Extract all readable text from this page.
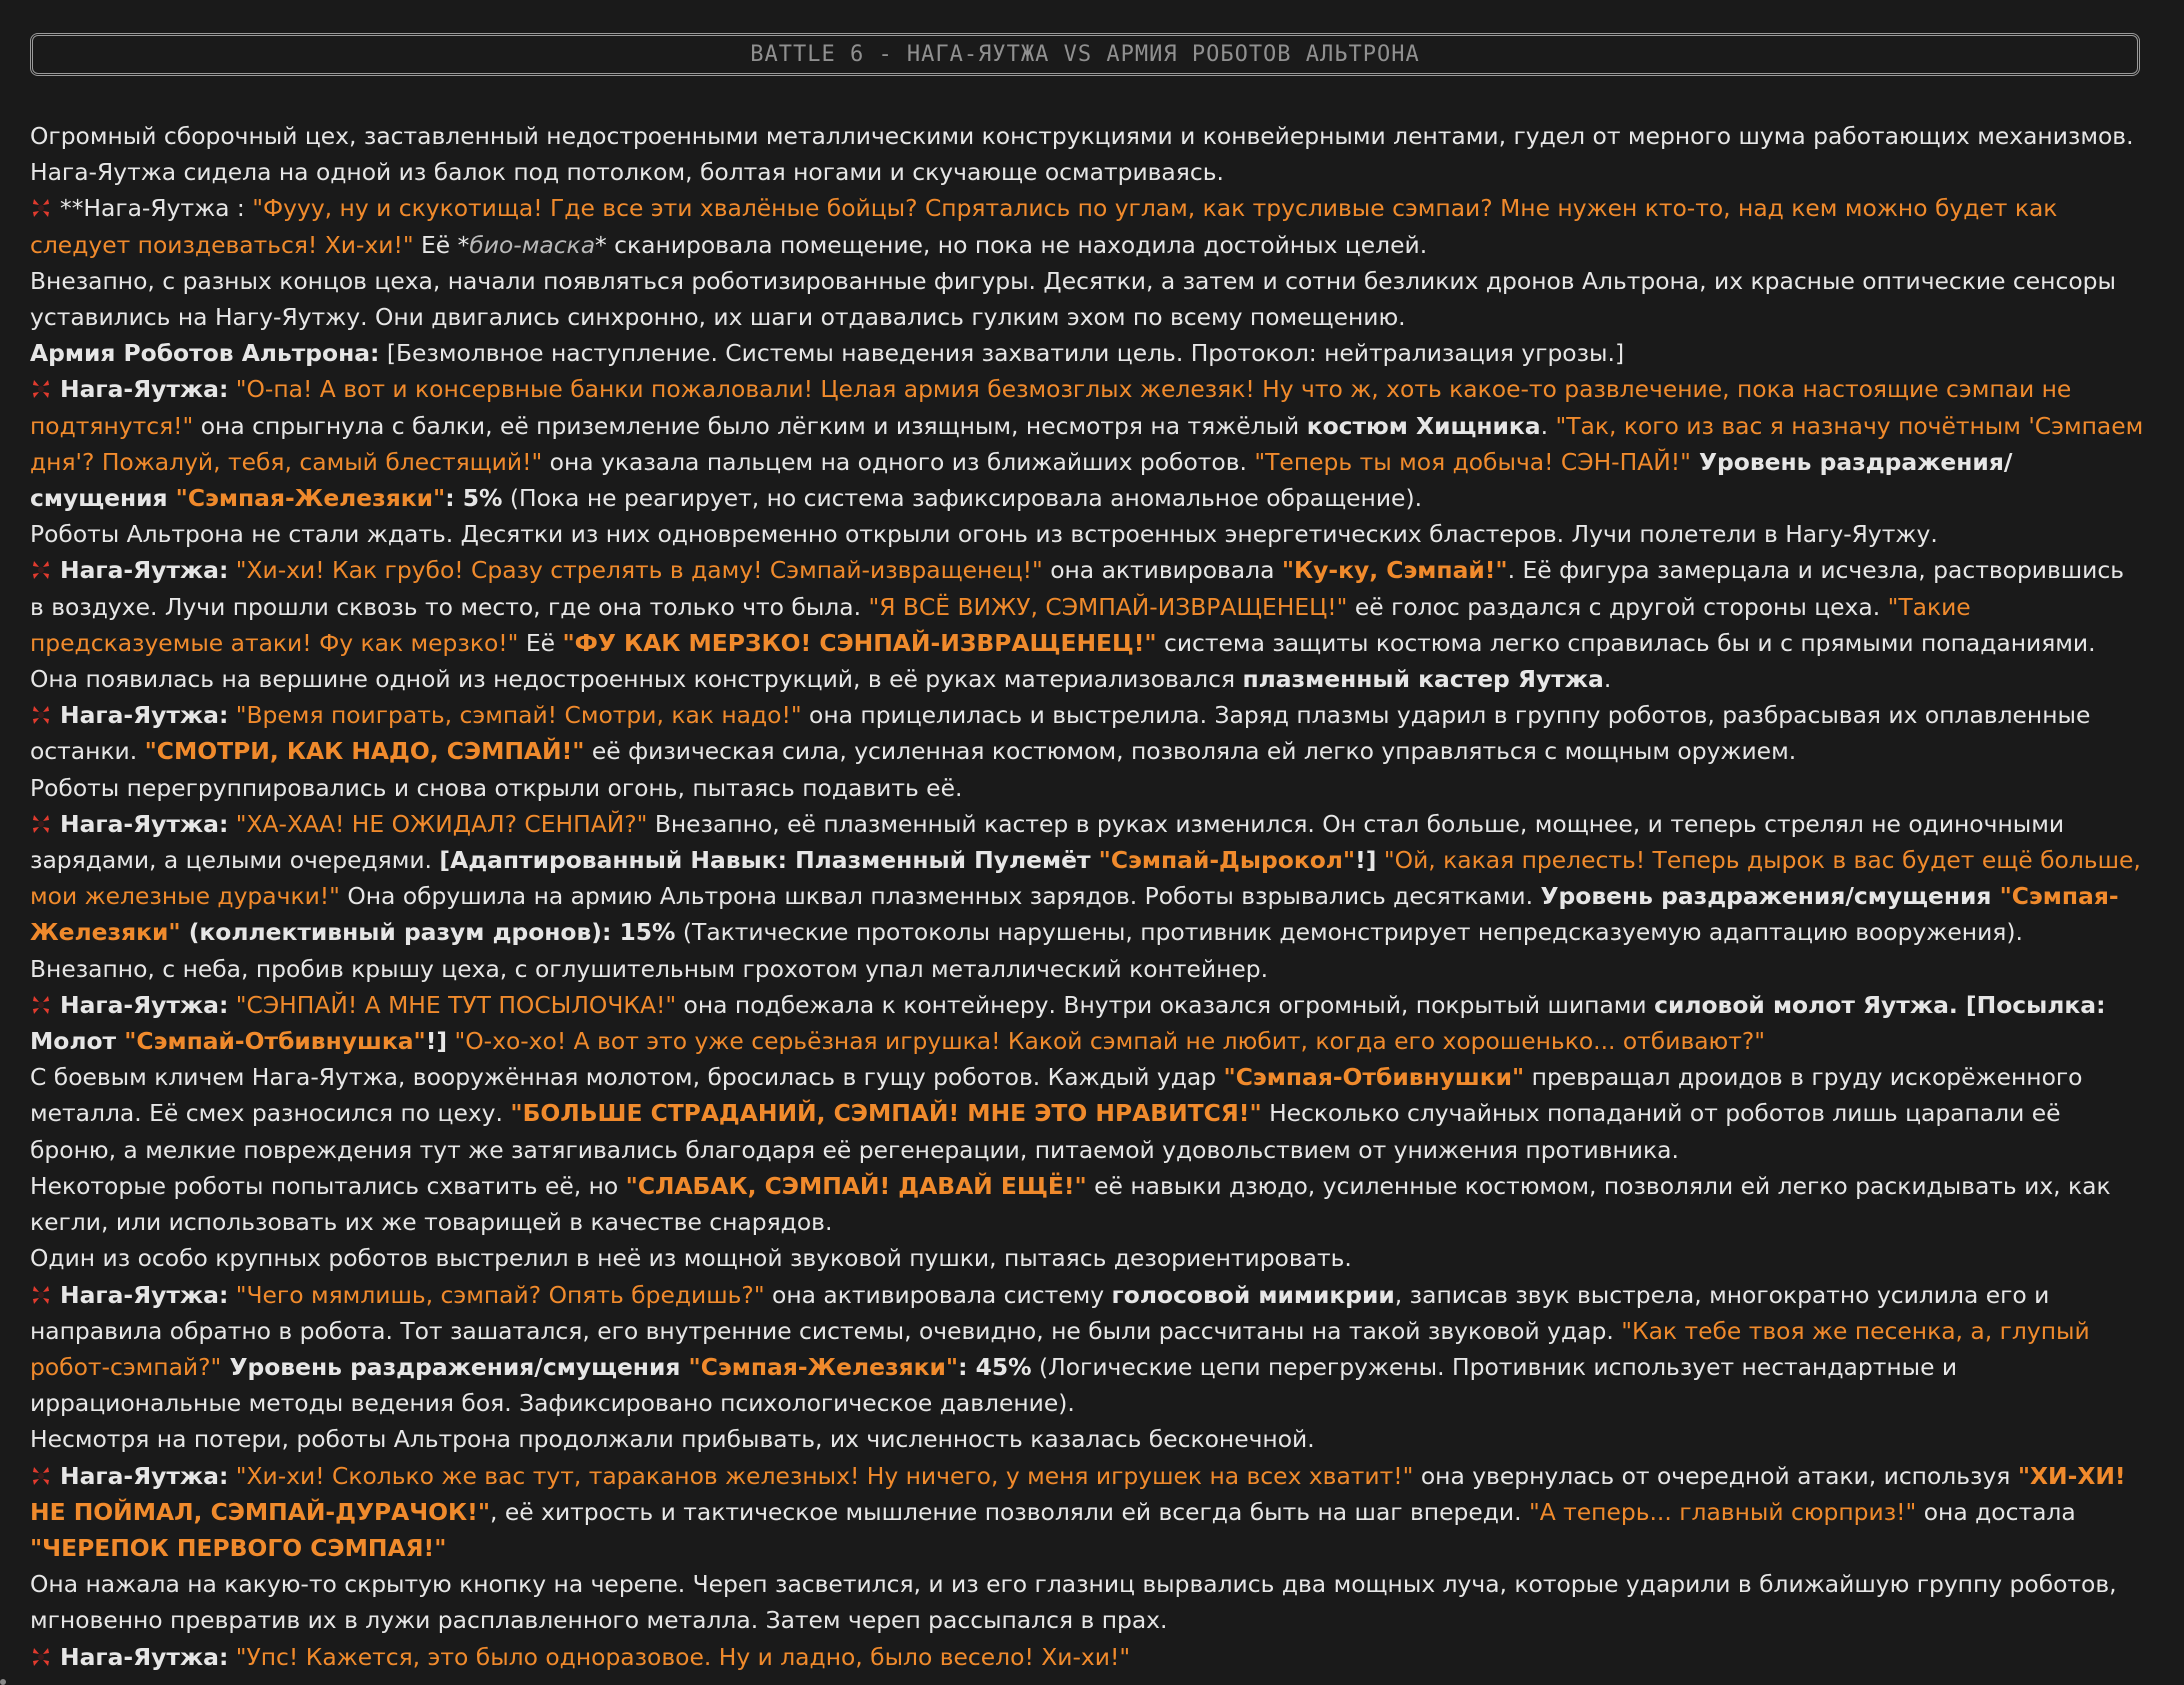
BATTLE 6 - НАГА-ЯУТЖА VS АРМИЯ РОБОТОВ АЛЬТРОНА

Огромный сборочный цех, заставленный недостроенными металлическими конструкциями и конвейерными лентами, гудел от мерного шума работающих механизмов. Нага-Яутжа сидела на одной из балок под потолком, болтая ногами и скучающе осматриваясь.

**Нага-Яутжа : "Фууу, ну и скукотища! Где все эти хвалёные бойцы? Спрятались по углам, как трусливые сэмпаи? Мне нужен кто-то, над кем можно будет как следует поиздеваться! Хи-хи!" Её *био-маска* сканировала помещение, но пока не находила достойных целей.

Внезапно, с разных концов цеха, начали появляться роботизированные фигуры. Десятки, а затем и сотни безликих дронов Альтрона, их красные оптические сенсоры уставились на Нагу-Яутжу. Они двигались синхронно, их шаги отдавались гулким эхом по всему помещению.

Армия Роботов Альтрона: [Безмолвное наступление. Системы наведения захватили цель. Протокол: нейтрализация угрозы.]

Нага-Яутжа: "О-па! А вот и консервные банки пожаловали! Целая армия безмозглых железяк! Ну что ж, хоть какое-то развлечение, пока настоящие сэмпаи не подтянутся!" она спрыгнула с балки, её приземление было лёгким и изящным, несмотря на тяжёлый костюм Хищника. "Так, кого из вас я назначу почётным 'Сэмпаем дня'? Пожалуй, тебя, самый блестящий!" она указала пальцем на одного из ближайших роботов. "Теперь ты моя добыча! СЭН-ПАЙ!" Уровень раздражения/смущения "Сэмпая-Железяки": 5% (Пока не реагирует, но система зафиксировала аномальное обращение).

Роботы Альтрона не стали ждать. Десятки из них одновременно открыли огонь из встроенных энергетических бластеров. Лучи полетели в Нагу-Яутжу.

Нага-Яутжа: "Хи-хи! Как грубо! Сразу стрелять в даму! Сэмпай-извращенец!" она активировала "Ку-ку, Сэмпай!". Её фигура замерцала и исчезла, растворившись в воздухе. Лучи прошли сквозь то место, где она только что была. "Я ВСЁ ВИЖУ, СЭМПАЙ-ИЗВРАЩЕНЕЦ!" её голос раздался с другой стороны цеха. "Такие предсказуемые атаки! Фу как мерзко!" Её "ФУ КАК МЕРЗКО! СЭНПАЙ-ИЗВРАЩЕНЕЦ!" система защиты костюма легко справилась бы и с прямыми попаданиями.

Она появилась на вершине одной из недостроенных конструкций, в её руках материализовался плазменный кастер Яутжа.

Нага-Яутжа: "Время поиграть, сэмпай! Смотри, как надо!" она прицелилась и выстрелила. Заряд плазмы ударил в группу роботов, разбрасывая их оплавленные останки. "СМОТРИ, КАК НАДО, СЭМПАЙ!" её физическая сила, усиленная костюмом, позволяла ей легко управляться с мощным оружием.

Роботы перегруппировались и снова открыли огонь, пытаясь подавить её.

Нага-Яутжа: "ХА-ХАА! НЕ ОЖИДАЛ? СЕНПАЙ?" Внезапно, её плазменный кастер в руках изменился. Он стал больше, мощнее, и теперь стрелял не одиночными зарядами, а целыми очередями. [Адаптированный Навык: Плазменный Пулемёт "Сэмпай-Дырокол"!] "Ой, какая прелесть! Теперь дырок в вас будет ещё больше, мои железные дурачки!" Она обрушила на армию Альтрона шквал плазменных зарядов. Роботы взрывались десятками. Уровень раздражения/смущения "Сэмпая-Железяки" (коллективный разум дронов): 15% (Тактические протоколы нарушены, противник демонстрирует непредсказуемую адаптацию вооружения).

Внезапно, с неба, пробив крышу цеха, с оглушительным грохотом упал металлический контейнер.

Нага-Яутжа: "СЭНПАЙ! А МНЕ ТУТ ПОСЫЛОЧКА!" она подбежала к контейнеру. Внутри оказался огромный, покрытый шипами силовой молот Яутжа. [Посылка: Молот "Сэмпай-Отбивнушка"!] "О-хо-хо! А вот это уже серьёзная игрушка! Какой сэмпай не любит, когда его хорошенько... отбивают?"

С боевым кличем Нага-Яутжа, вооружённая молотом, бросилась в гущу роботов. Каждый удар "Сэмпая-Отбивнушки" превращал дроидов в груду искорёженного металла. Её смех разносился по цеху. "БОЛЬШЕ СТРАДАНИЙ, СЭМПАЙ! МНЕ ЭТО НРАВИТСЯ!" Несколько случайных попаданий от роботов лишь царапали её броню, а мелкие повреждения тут же затягивались благодаря её регенерации, питаемой удовольствием от унижения противника.

Некоторые роботы попытались схватить её, но "СЛАБАК, СЭМПАЙ! ДАВАЙ ЕЩЁ!" её навыки дзюдо, усиленные костюмом, позволяли ей легко раскидывать их, как кегли, или использовать их же товарищей в качестве снарядов.

Один из особо крупных роботов выстрелил в неё из мощной звуковой пушки, пытаясь дезориентировать.

Нага-Яутжа: "Чего мямлишь, сэмпай? Опять бредишь?" она активировала систему голосовой мимикрии, записав звук выстрела, многократно усилила его и направила обратно в робота. Тот зашатался, его внутренние системы, очевидно, не были рассчитаны на такой звуковой удар. "Как тебе твоя же песенка, а, глупый робот-сэмпай?" Уровень раздражения/смущения "Сэмпая-Железяки": 45% (Логические цепи перегружены. Противник использует нестандартные и иррациональные методы ведения боя. Зафиксировано психологическое давление).

Несмотря на потери, роботы Альтрона продолжали прибывать, их численность казалась бесконечной.

Нага-Яутжа: "Хи-хи! Сколько же вас тут, тараканов железных! Ну ничего, у меня игрушек на всех хватит!" она увернулась от очередной атаки, используя "ХИ-ХИ! НЕ ПОЙМАЛ, СЭМПАЙ-ДУРАЧОК!", её хитрость и тактическое мышление позволяли ей всегда быть на шаг впереди. "А теперь... главный сюрприз!" она достала "ЧЕРЕПОК ПЕРВОГО СЭМПАЯ!"

Она нажала на какую-то скрытую кнопку на черепе. Череп засветился, и из его глазниц вырвались два мощных луча, которые ударили в ближайшую группу роботов, мгновенно превратив их в лужи расплавленного металла. Затем череп рассыпался в прах.

Нага-Яутжа: "Упс! Кажется, это было одноразовое. Ну и ладно, было весело! Хи-хи!"
